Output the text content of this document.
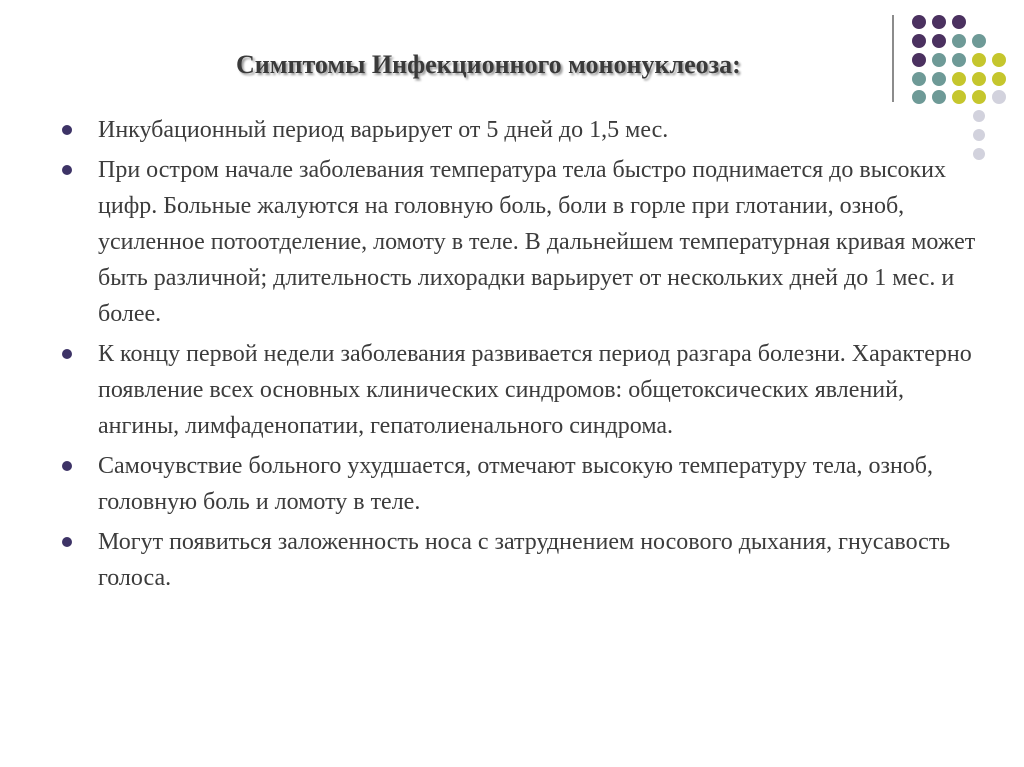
Симптомы Инфекционного мононуклеоза:
Инкубационный период варьирует от 5 дней до 1,5 мес.
При остром начале заболевания температура тела быстро поднимается до высоких цифр. Больные жалуются на головную боль, боли в горле при глотании, озноб, усиленное потоотделение, ломоту в теле. В дальнейшем температурная кривая может быть различной; длительность лихорадки варьирует от нескольких дней до 1 мес. и более.
К концу первой недели заболевания развивается период разгара болезни. Характерно появление всех основных клинических синдромов: общетоксических явлений, ангины, лимфаденопатии, гепатолиенального синдрома.
Самочувствие больного ухудшается, отмечают высокую температуру тела, озноб, головную боль и ломоту в теле.
Могут появиться заложенность носа с затруднением носового дыхания, гнусавость голоса.
